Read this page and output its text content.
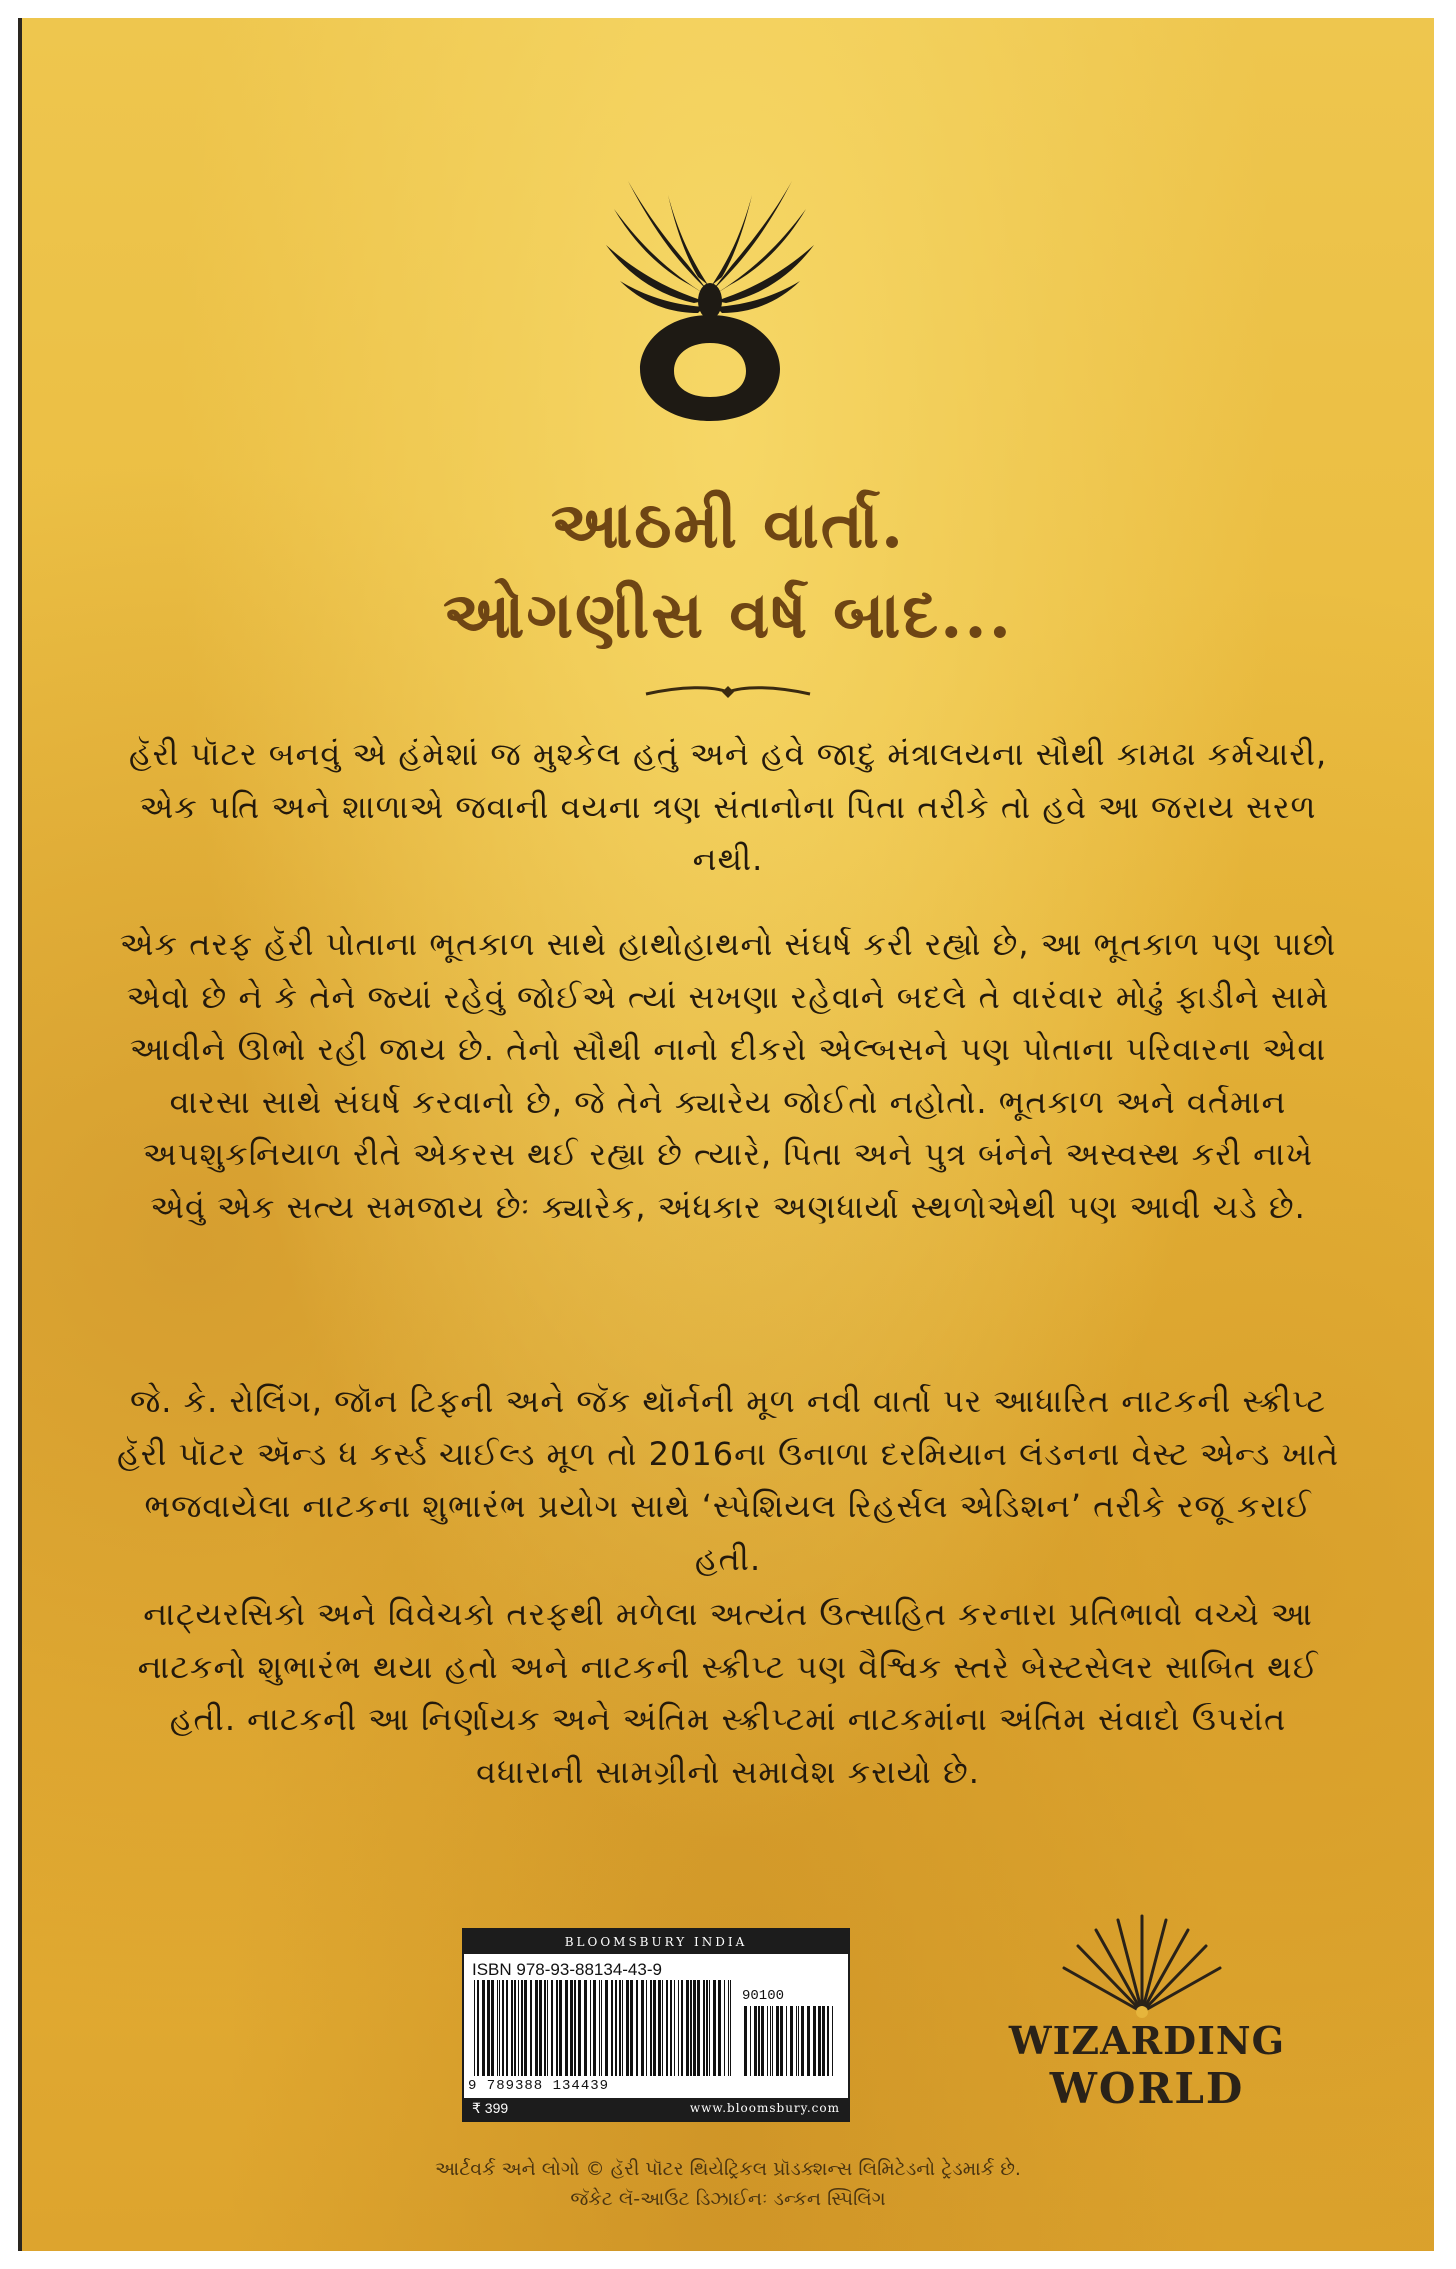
આઠમી વાર્તા.

ઓગણીસ વર્ષ બાદ...

હૅરી પૉટર બનવું એ હંમેશાં જ મુશ્કેલ હતું અને હવે જાદુ મંત્રાલયના સૌથી કામઢા કર્મચારી, એક પતિ અને શાળાએ જવાની વયના ત્રણ સંતાનોના પિતા તરીકે તો હવે આ જરાય સરળ નથી.

એક તરફ હૅરી પોતાના ભૂતકાળ સાથે હાથોહાથનો સંઘર્ષ કરી રહ્યો છે, આ ભૂતકાળ પણ પાછો એવો છે ને કે તેને જ્યાં રહેવું જોઈએ ત્યાં સખણા રહેવાને બદલે તે વારંવાર મોઢું ફાડીને સામે આવીને ઊભો રહી જાય છે. તેનો સૌથી નાનો દીકરો એલ્બસને પણ પોતાના પરિવારના એવા વારસા સાથે સંઘર્ષ કરવાનો છે, જે તેને ક્યારેય જોઈતો નહોતો. ભૂતકાળ અને વર્તમાન અપશુકનિયાળ રીતે એકરસ થઈ રહ્યા છે ત્યારે, પિતા અને પુત્ર બંનેને અસ્વસ્થ કરી નાખે એવું એક સત્ય સમજાય છેઃ ક્યારેક, અંધકાર અણધાર્યા સ્થળોએથી પણ આવી ચડે છે.

જે. કે. રોલિંગ, જૉન ટિફની અને જૅક થૉર્નની મૂળ નવી વાર્તા પર આધારિત નાટકની સ્ક્રીપ્ટ હૅરી પૉટર ઍન્ડ ધ કર્સ્ડ ચાઈલ્ડ મૂળ તો 2016ના ઉનાળા દરમિયાન લંડનના વેસ્ટ એન્ડ ખાતે ભજવાયેલા નાટકના શુભારંભ પ્રયોગ સાથે ‘સ્પેશિયલ રિહર્સલ એડિશન’ તરીકે રજૂ કરાઈ હતી.

નાટ્યરસિકો અને વિવેચકો તરફથી મળેલા અત્યંત ઉત્સાહિત કરનારા પ્રતિભાવો વચ્ચે આ નાટકનો શુભારંભ થયા હતો અને નાટકની સ્ક્રીપ્ટ પણ વૈશ્વિક સ્તરે બેસ્ટસેલર સાબિત થઈ હતી. નાટકની આ નિર્ણાયક અને અંતિમ સ્ક્રીપ્ટમાં નાટકમાંના અંતિમ સંવાદો ઉપરાંત વધારાની સામગ્રીનો સમાવેશ કરાયો છે.

BLOOMSBURY INDIA
ISBN 978-93-88134-43-9
90100
9 789388 134439
₹ 399	www.bloomsbury.com

WIZARDING

WORLD

આર્ટવર્ક અને લોગો © હૅરી પૉટર થિયેટ્રિકલ પ્રૉડક્શન્સ લિમિટેડનો ટ્રેડમાર્ક છે.

જૅકેટ લૅ-આઉટ ડિઝાઈનઃ ડન્કન સ્પિલિંગ
